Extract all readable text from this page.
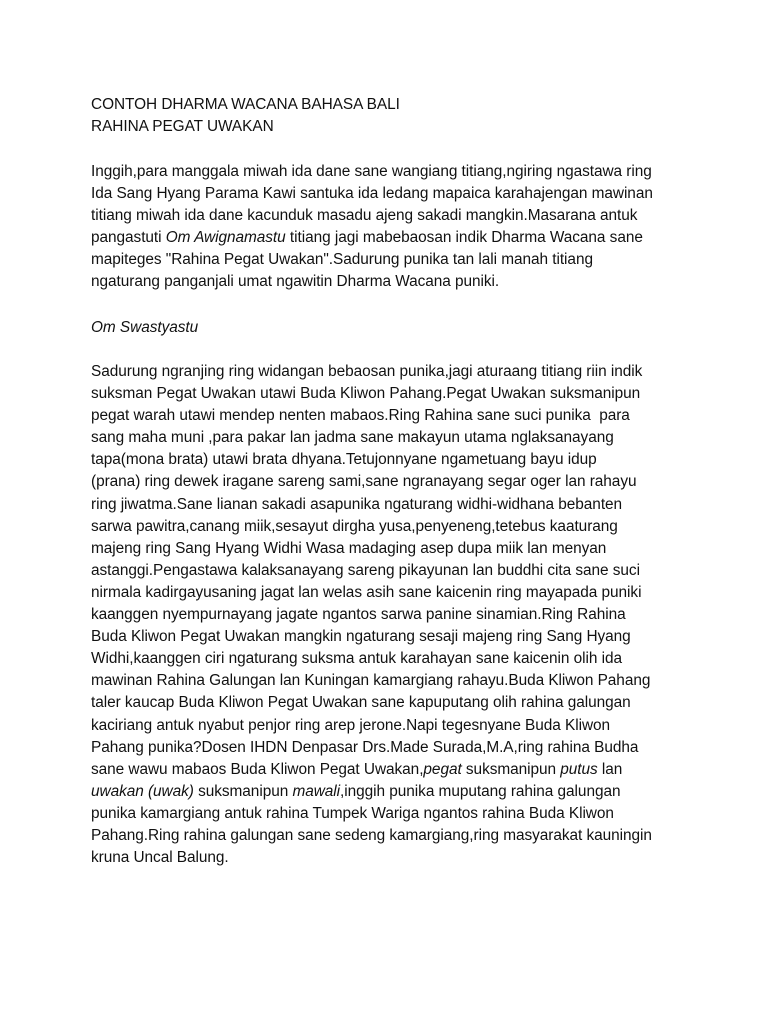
CONTOH DHARMA WACANA BAHASA BALI
RAHINA PEGAT UWAKAN
Inggih,para manggala miwah ida dane sane wangiang titiang,ngiring ngastawa ring
Ida Sang Hyang Parama Kawi santuka ida ledang mapaica karahajengan mawinan
titiang miwah ida dane kacunduk masadu ajeng sakadi mangkin.Masarana antuk
pangastuti Om Awignamastu titiang jagi mabebaosan indik Dharma Wacana sane
mapiteges "Rahina Pegat Uwakan".Sadurung punika tan lali manah titiang
ngaturang panganjali umat ngawitin Dharma Wacana puniki.
Om Swastyastu
Sadurung ngranjing ring widangan bebaosan punika,jagi aturaang titiang riin indik
suksman Pegat Uwakan utawi Buda Kliwon Pahang.Pegat Uwakan suksmanipun
pegat warah utawi mendep nenten mabaos.Ring Rahina sane suci punika  para
sang maha muni ,para pakar lan jadma sane makayun utama nglaksanayang
tapa(mona brata) utawi brata dhyana.Tetujonnyane ngametuang bayu idup
(prana) ring dewek iragane sareng sami,sane ngranayang segar oger lan rahayu
ring jiwatma.Sane lianan sakadi asapunika ngaturang widhi-widhana bebanten
sarwa pawitra,canang miik,sesayut dirgha yusa,penyeneng,tetebus kaaturang
majeng ring Sang Hyang Widhi Wasa madaging asep dupa miik lan menyan
astanggi.Pengastawa kalaksanayang sareng pikayunan lan buddhi cita sane suci
nirmala kadirgayusaning jagat lan welas asih sane kaicenin ring mayapada puniki
kaanggen nyempurnayang jagate ngantos sarwa panine sinamian.Ring Rahina
Buda Kliwon Pegat Uwakan mangkin ngaturang sesaji majeng ring Sang Hyang
Widhi,kaanggen ciri ngaturang suksma antuk karahayan sane kaicenin olih ida
mawinan Rahina Galungan lan Kuningan kamargiang rahayu.Buda Kliwon Pahang
taler kaucap Buda Kliwon Pegat Uwakan sane kapuputang olih rahina galungan
kaciriang antuk nyabut penjor ring arep jerone.Napi tegesnyane Buda Kliwon
Pahang punika?Dosen IHDN Denpasar Drs.Made Surada,M.A,ring rahina Budha
sane wawu mabaos Buda Kliwon Pegat Uwakan,pegat suksmanipun putus lan
uwakan (uwak) suksmanipun mawali,inggih punika muputang rahina galungan
punika kamargiang antuk rahina Tumpek Wariga ngantos rahina Buda Kliwon
Pahang.Ring rahina galungan sane sedeng kamargiang,ring masyarakat kauningin
kruna Uncal Balung.
